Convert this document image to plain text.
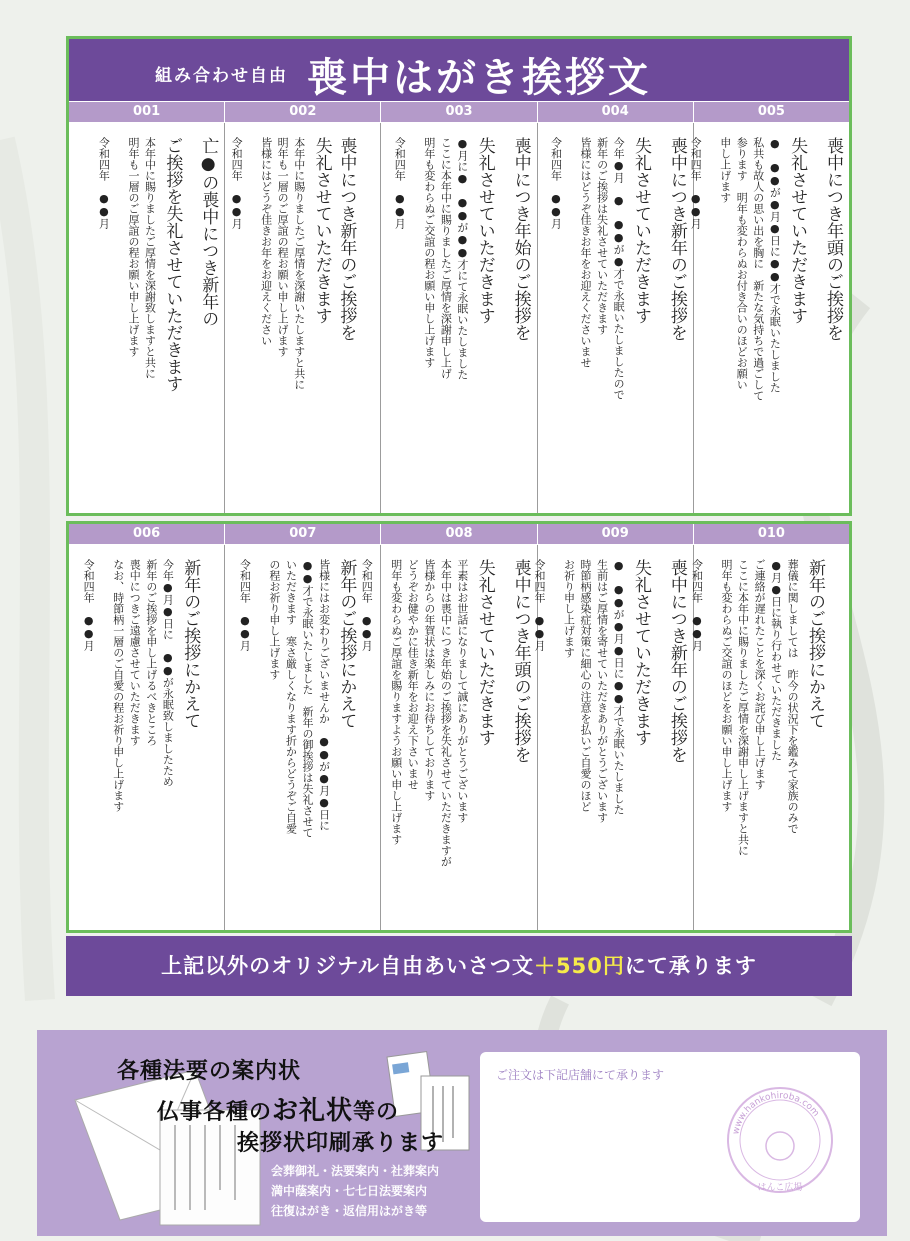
組み合わせ自由 喪中はがき挨拶文
001	002	003	004	005
亡●の喪中につき新年の
ご挨拶を失礼させていただきます
本年中に賜りましたご厚情を深謝致しますと共に
明年も一層のご厚誼の程お願い申し上げます
令和四年　●●月	喪中につき新年のご挨拶を
失礼させていただきます
本年中に賜りましたご厚情を深謝いたしますと共に
明年も一層のご厚誼の程お願い申し上げます
皆様にはどうぞ佳きお年をお迎えください
令和四年　●●月	喪中につき年始のご挨拶を
失礼させていただきます
●月に●　●●が●●才にて永眠いたしました
ここに本年中に賜りましたご厚情を深謝申し上げ
明年も変わらぬご交誼の程お願い申し上げます
令和四年　●●月	喪中につき新年のご挨拶を
失礼させていただきます
今年●月　●　●●が●才で永眠いたしましたので
新年のご挨拶は失礼させていただきます
皆様にはどうぞ佳きお年をお迎えくださいませ
令和四年　●●月	喪中につき年頭のご挨拶を
失礼させていただきます
●　●●が●月●日に●●才で永眠いたしました
私共も故人の思い出を胸に　新たな気持ちで過ごして
参ります　明年も変わらぬお付き合いのほどお願い
申し上げます
令和四年　●●月
006	007	008	009	010
新年のご挨拶にかえて
今年●月●日に　●●が永眠致しましたため
新年のご挨拶を申し上げるべきところ
喪中につきご遠慮させていただきます
なお、時節柄一層のご自愛の程お祈り申し上げます
令和四年　●●月	新年のご挨拶にかえて
皆様にはお変わりございませんか　●●が●月●日に
●●才で永眠いたしました　新年の御挨拶は失礼させて
いただきます　寒さ厳しくなります折からどうぞご自愛
の程お祈り申し上げます
令和四年　●●月	喪中につき年頭のご挨拶を
失礼させていただきます
平素はお世話になりまして誠にありがとうございます
本年中は喪中につき年始のご挨拶を失礼させていただきますが
皆様からの年賀状は楽しみにお待ちしております
どうぞお健やかに佳き新年をお迎え下さいませ
明年も変わらぬご厚誼を賜りますようお願い申し上げます
令和四年　●●月	喪中につき新年のご挨拶を
失礼させていただきます
●　●●が●月●日に●●才で永眠いたしました
生前はご厚情を寄せていただきありがとうございます
時節柄感染症対策に細心の注意を払いご自愛のほど
お祈り申し上げます
令和四年　●●月	新年のご挨拶にかえて
葬儀に関しましては　昨今の状況下を鑑みて家族のみで
●月●日に執り行わせていただきました
ご連絡が遅れたことを深くお詫び申し上げます
ここに本年中に賜りましたご厚情を深謝申し上げますと共に
明年も変わらぬご交誼のほどをお願い申し上げます
令和四年　●●月
上記以外のオリジナル自由あいさつ文＋550円にて承ります
各種法要の案内状
仏事各種のお礼状等の
挨拶状印刷承ります
会葬御礼・法要案内・社葬案内
満中蔭案内・七七日法要案内
往復はがき・返信用はがき等
ご注文は下記店舗にて承ります
www.hankohiroba.com
はんこ広場
